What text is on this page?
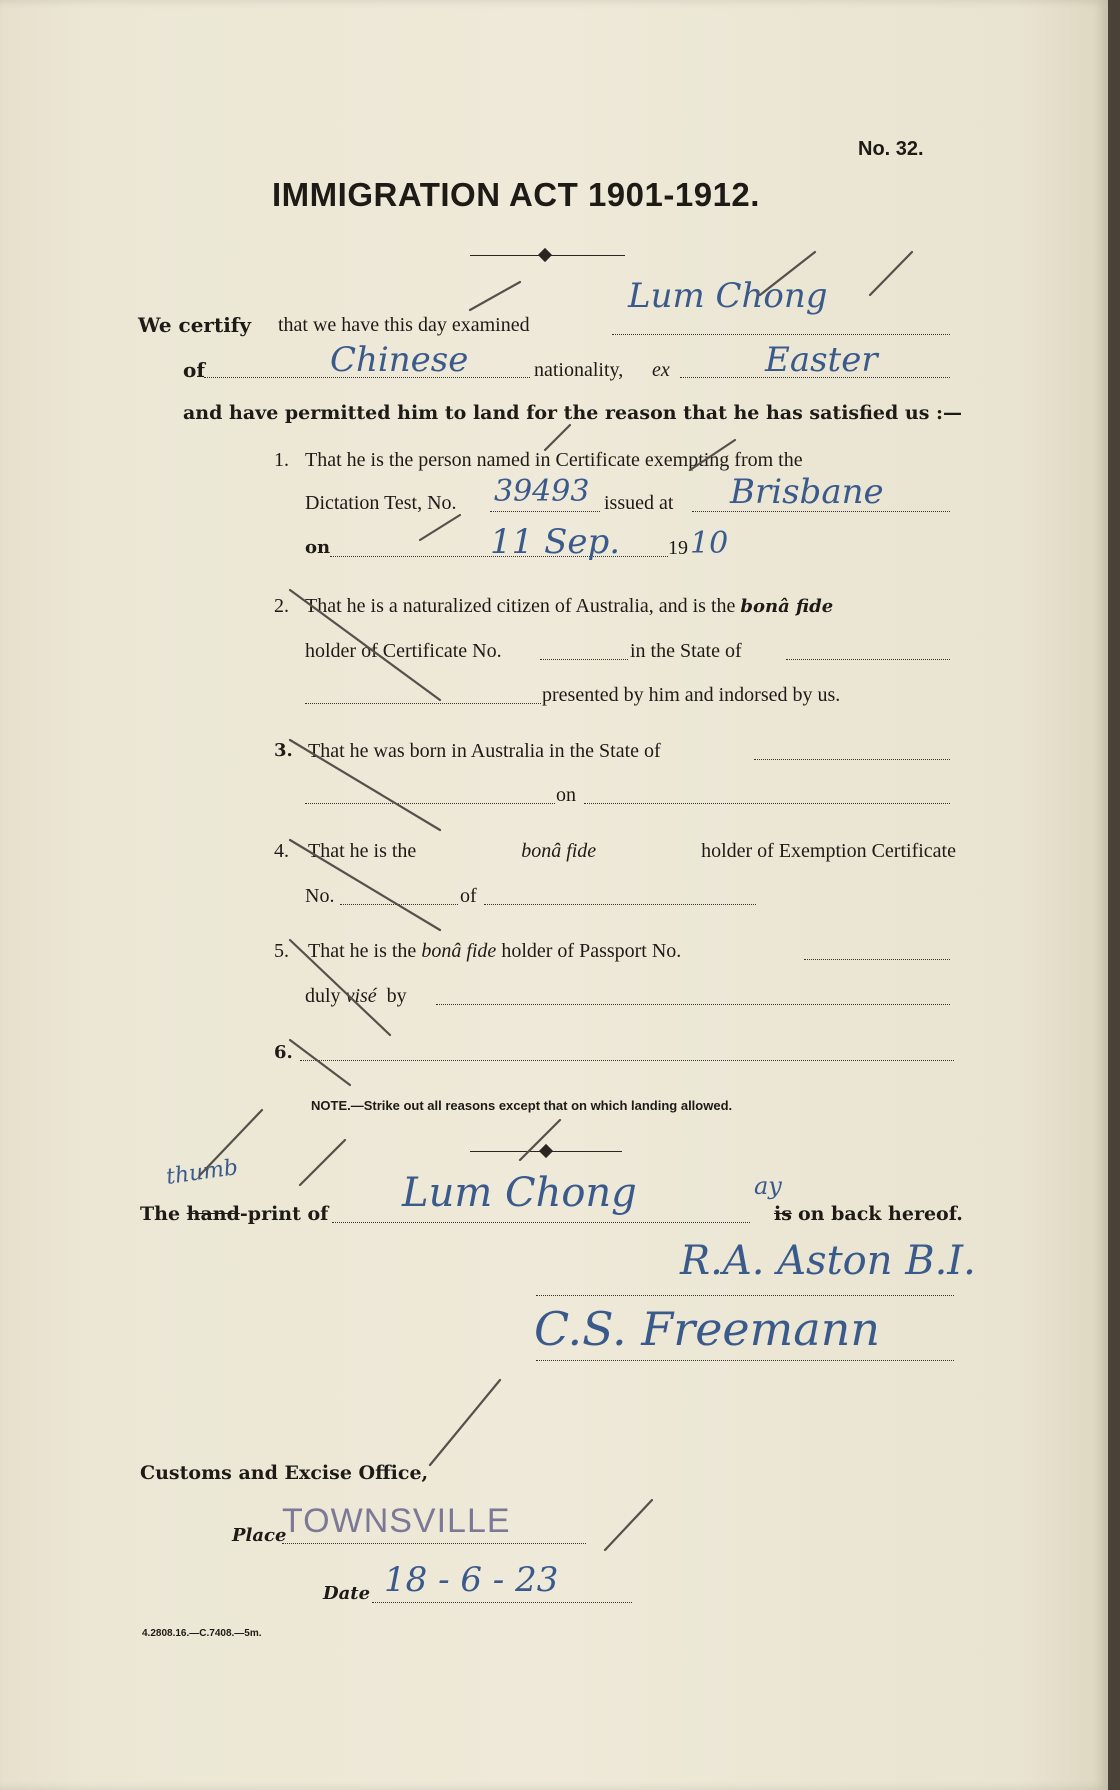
No. 32.
IMMIGRATION ACT 1901-1912.
We certify that we have this day examined
Lum Chong
of	Chinese	nationality, ex	Easter
and have permitted him to land for the reason that he has satisfied us :—
1. That he is the person named in Certificate exempting from the
Dictation Test, No. 39493 issued at Brisbane
on	11 Sep. 19 10
2. That he is a naturalized citizen of Australia, and is the bonâ fide
holder of Certificate No.	in the State of
presented by him and indorsed by us.
3. That he was born in Australia in the State of
on
4. That he is the	bonâ fide	holder of Exemption Certificate
No.	of
5. That he is the bonâ fide holder of Passport No.
duly visé by
6.
NOTE.—Strike out all reasons except that on which landing allowed.
The hand-print of
thumb	Lum Chong	ay
is on back hereof.
R.A. Aston B.I.
C.S. Freemann
Customs and Excise Office,
Place
TOWNSVILLE
Date 18 - 6 - 23
4.2808.16.—C.7408.—5m.
